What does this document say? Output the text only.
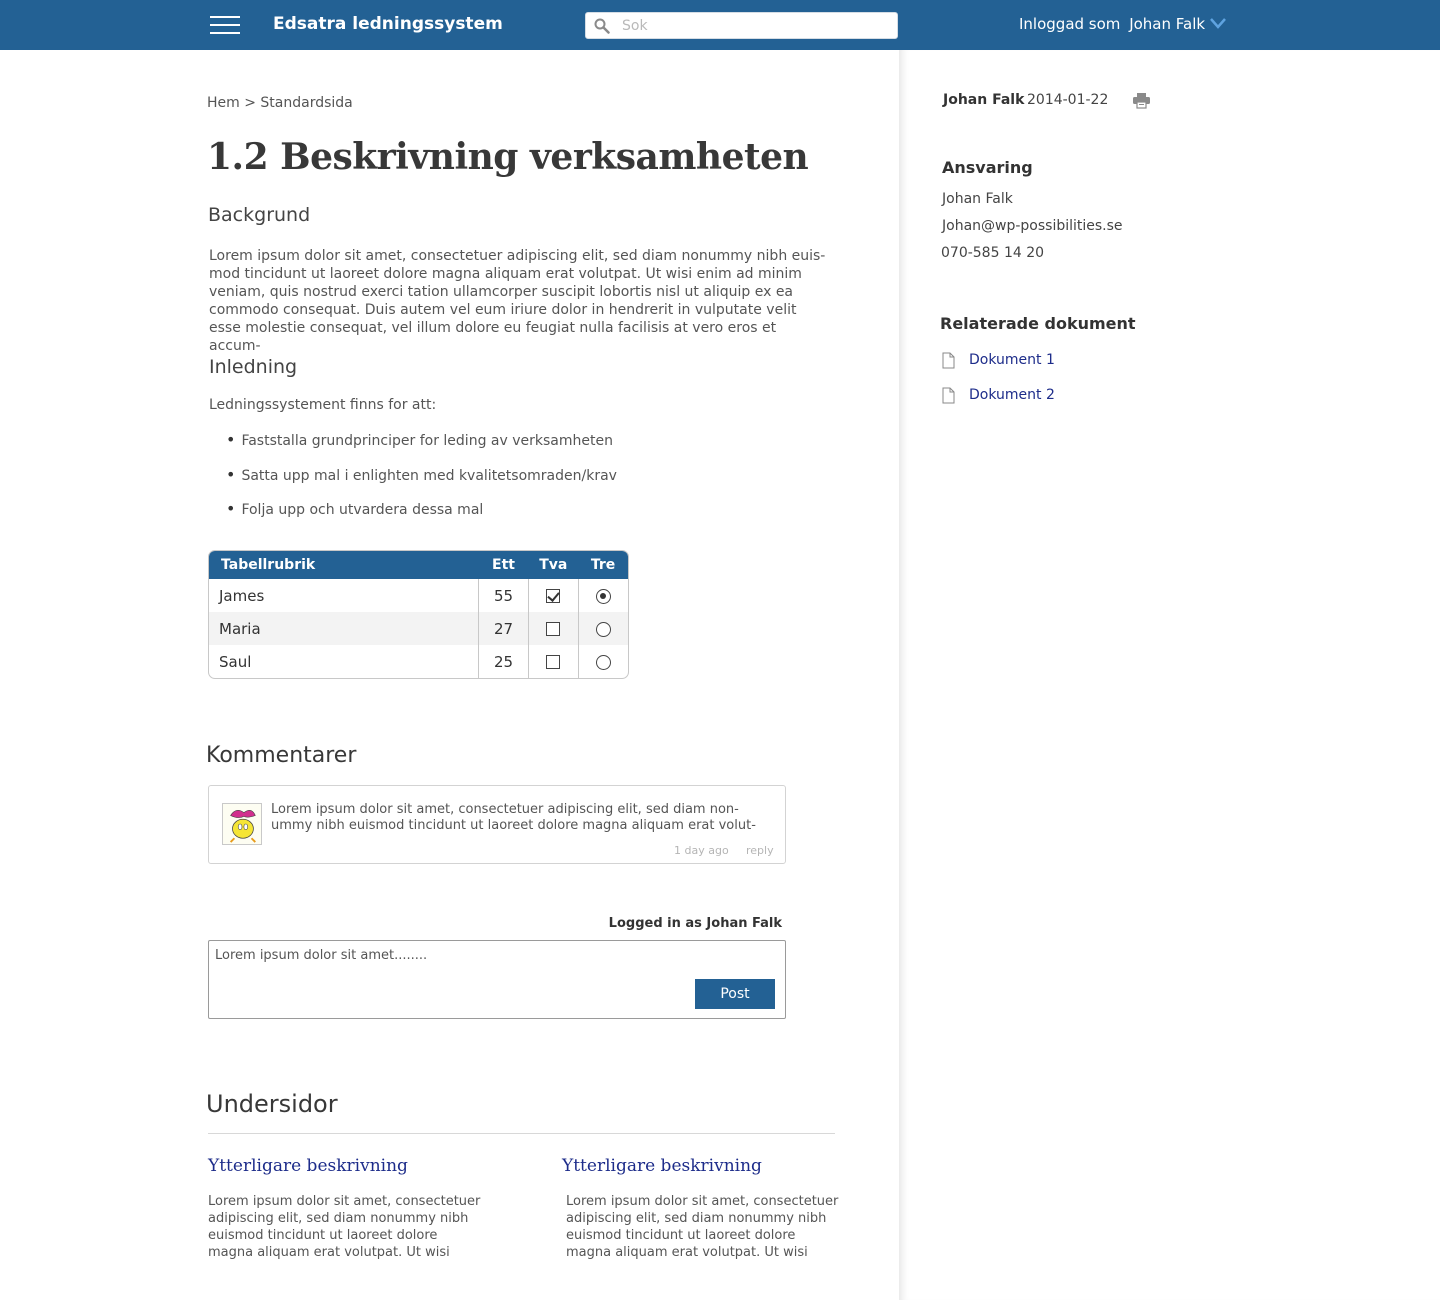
Edsatra ledningssystem
Sok	Inloggad som Johan Falk
Johan Falk 2014-01-22
Ansvaring
Johan Falk
Johan@wp-possibilities.se
070-585 14 20
Relaterade dokument
Dokument 1
Dokument 2
Hem > Standardsida
1.2 Beskrivning verksamheten
Backgrund

Lorem ipsum dolor sit amet, consectetuer adipiscing elit, sed diam nonummy nibh euis-mod tincidunt ut laoreet dolore magna aliquam erat volutpat. Ut wisi enim ad minim veniam, quis nostrud exerci tation ullamcorper suscipit lobortis nisl ut aliquip ex ea commodo consequat. Duis autem vel eum iriure dolor in hendrerit in vulputate velit esse molestie consequat, vel illum dolore eu feugiat nulla facilisis at vero eros et accum-

Inledning
Ledningssystement finns for att:
• Faststalla grundprinciper for leding av verksamheten
• Satta upp mal i enlighten med kvalitetsomraden/krav
• Folja upp och utvardera dessa mal
Tabellrubrik	Ett	Tva	Tre
James	55		
Maria	27		
Saul	25		
Kommentarer
Lorem ipsum dolor sit amet, consectetuer adipiscing elit, sed diam non-ummy nibh euismod tincidunt ut laoreet dolore magna aliquam erat volut-
1 day ago reply
Logged in as Johan Falk
Lorem ipsum dolor sit amet........
Post
Undersidor
Ytterligare beskrivning

Lorem ipsum dolor sit amet, consectetuer adipiscing elit, sed diam nonummy nibh euismod tincidunt ut laoreet dolore magna aliquam erat volutpat. Ut wisi

Ytterligare beskrivning

Lorem ipsum dolor sit amet, consectetuer adipiscing elit, sed diam nonummy nibh euismod tincidunt ut laoreet dolore magna aliquam erat volutpat. Ut wisi
